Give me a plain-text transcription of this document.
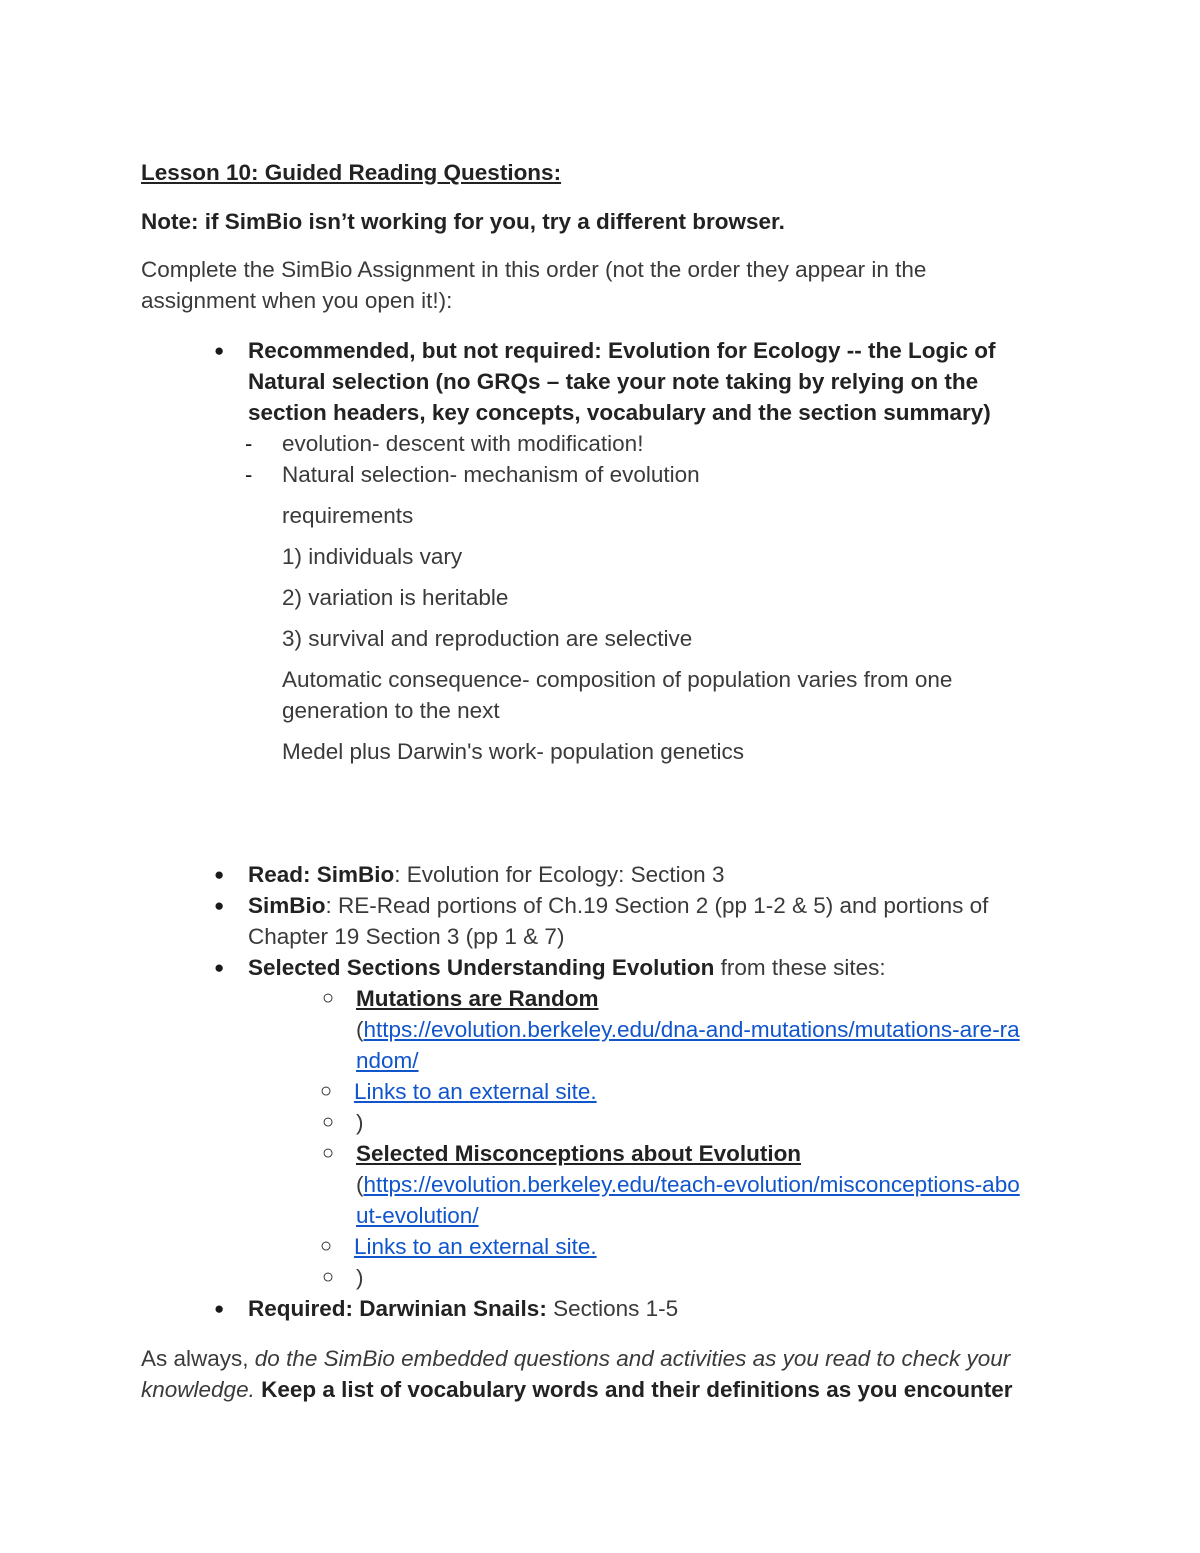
Lesson 10: Guided Reading Questions:
Note: if SimBio isn’t working for you, try a different browser.
Complete the SimBio Assignment in this order (not the order they appear in the
assignment when you open it!):
● Recommended, but not required: Evolution for Ecology -- the Logic of
Natural selection (no GRQs – take your note taking by relying on the
section headers, key concepts, vocabulary and the section summary)
- evolution- descent with modification!
- Natural selection- mechanism of evolution
requirements
1) individuals vary
2) variation is heritable
3) survival and reproduction are selective
Automatic consequence- composition of population varies from one
generation to the next
Medel plus Darwin's work- population genetics
● Read: SimBio: Evolution for Ecology: Section 3
● SimBio: RE-Read portions of Ch.19 Section 2 (pp 1-2 & 5) and portions of
Chapter 19 Section 3 (pp 1 & 7)
● Selected Sections Understanding Evolution from these sites:
○ Mutations are Random
(https://evolution.berkeley.edu/dna-and-mutations/mutations-are-ra
ndom/
○ Links to an external site.
○ )
○ Selected Misconceptions about Evolution
(https://evolution.berkeley.edu/teach-evolution/misconceptions-abo
ut-evolution/
○ Links to an external site.
○ )
● Required: Darwinian Snails: Sections 1-5
As always, do the SimBio embedded questions and activities as you read to check your
knowledge. Keep a list of vocabulary words and their definitions as you encounter
